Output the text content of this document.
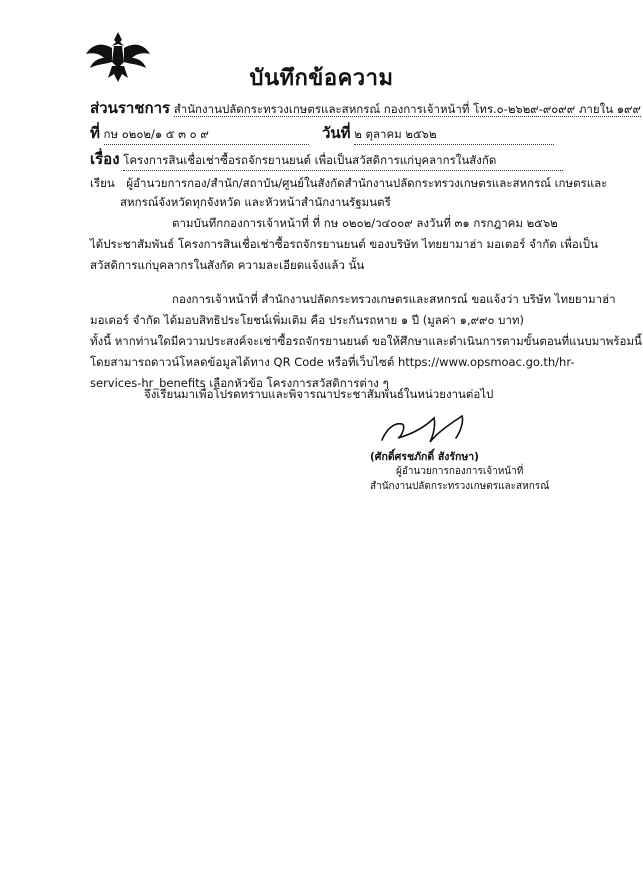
บันทึกข้อความ
ส่วนราชการ สำนักงานปลัดกระทรวงเกษตรและสหกรณ์ กองการเจ้าหน้าที่ โทร.๐-๒๖๒๙-๙๐๙๙ ภายใน ๑๙๙
ที่ กษ ๐๒๐๒/๑ ๕ ๓ ๐ ๙	วันที่ ๒ ตุลาคม ๒๕๖๒
เรื่อง โครงการสินเชื่อเช่าซื้อรถจักรยานยนต์ เพื่อเป็นสวัสดิการแก่บุคลากรในสังกัด
เรียน ผู้อำนวยการกอง/สำนัก/สถาบัน/ศูนย์ในสังกัดสำนักงานปลัดกระทรวงเกษตรและสหกรณ์ เกษตรและ
สหกรณ์จังหวัดทุกจังหวัด และหัวหน้าสำนักงานรัฐมนตรี
ตามบันทึกกองการเจ้าหน้าที่ ที่ กษ ๐๒๐๒/ว๔๐๐๙ ลงวันที่ ๓๑ กรกฎาคม ๒๕๖๒
ได้ประชาสัมพันธ์ โครงการสินเชื่อเช่าซื้อรถจักรยานยนต์ ของบริษัท ไทยยามาฮ่า มอเตอร์ จำกัด เพื่อเป็น
สวัสดิการแก่บุคลากรในสังกัด ความละเอียดแจ้งแล้ว นั้น
กองการเจ้าหน้าที่ สำนักงานปลัดกระทรวงเกษตรและสหกรณ์ ขอแจ้งว่า บริษัท ไทยยามาฮ่า
มอเตอร์ จำกัด ได้มอบสิทธิประโยชน์เพิ่มเติม คือ ประกันรถหาย ๑ ปี (มูลค่า ๑,๙๙๐ บาท)
ทั้งนี้ หากท่านใดมีความประสงค์จะเช่าซื้อรถจักรยานยนต์ ขอให้ศึกษาและดำเนินการตามขั้นตอนที่แนบมาพร้อมนี้
โดยสามารถดาวน์โหลดข้อมูลได้ทาง QR Code หรือที่เว็บไซต์ https://www.opsmoac.go.th/hr-
services-hr_benefits เลือกหัวข้อ โครงการสวัสดิการต่าง ๆ
จึงเรียนมาเพื่อโปรดทราบและพิจารณาประชาสัมพันธ์ในหน่วยงานต่อไป
(ศักดิ์ศรชภักดิ์ สังรักษา)
ผู้อำนวยการกองการเจ้าหน้าที่
สำนักงานปลัดกระทรวงเกษตรและสหกรณ์
